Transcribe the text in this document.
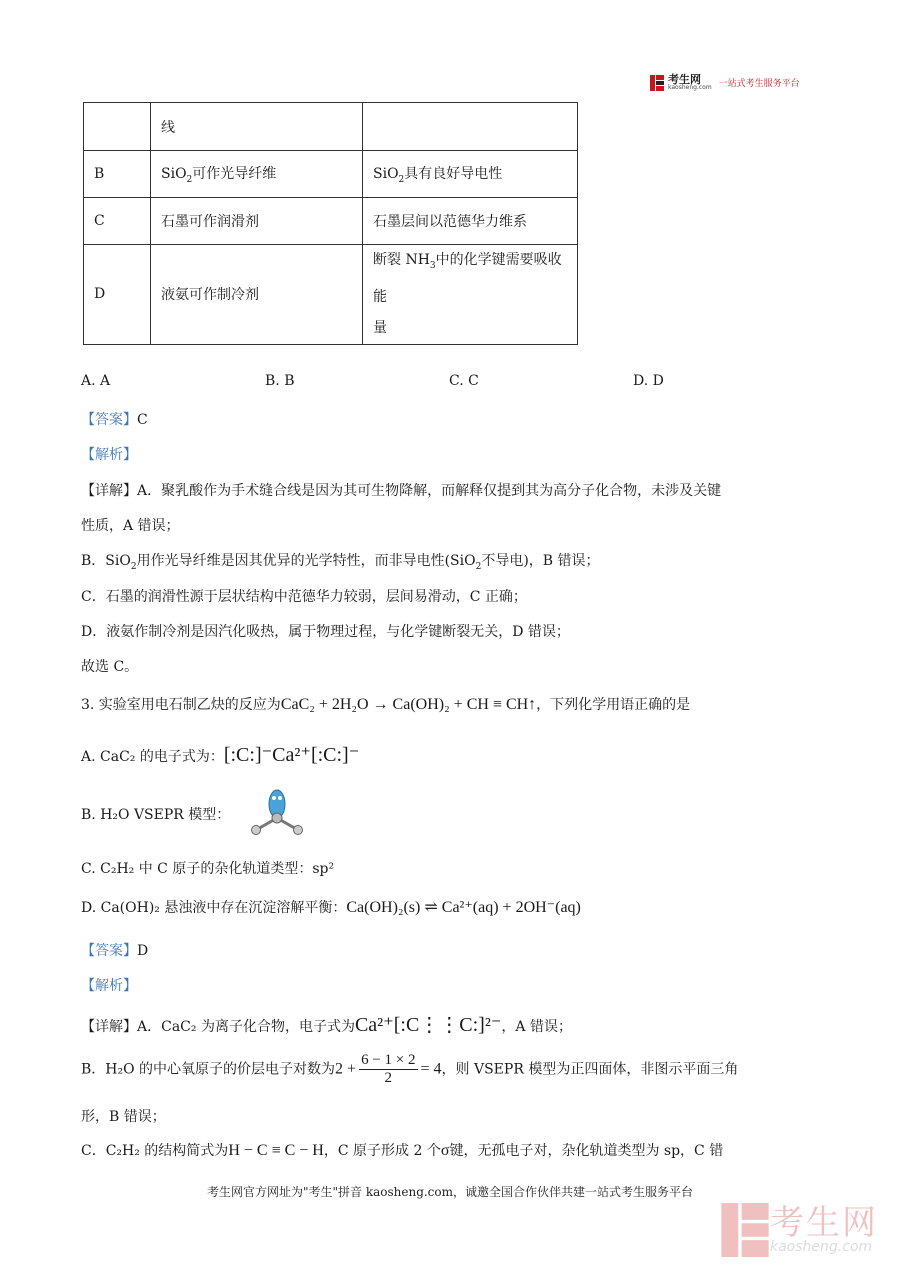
考生网
kaosheng.com 一站式考生服务平台
	线	
B	SiO$_2$可作光导纤维	SiO$_2$具有良好导电性
C	石墨可作润滑剂	石墨层间以范德华力维系
D	液氨可作制冷剂	断裂 $NH_3$中的化学键需要吸收能
量
A. A	B. B	C. C	D. D
【答案】C
【解析】
【详解】A．聚乳酸作为手术缝合线是因为其可生物降解，而解释仅提到其为高分子化合物，未涉及关键
性质，A 错误；
B．SiO$_2$用作光导纤维是因其优异的光学特性，而非导电性(SiO$_2$不导电)，B 错误；
C．石墨的润滑性源于层状结构中范德华力较弱，层间易滑动，C 正确；
D．液氨作制冷剂是因汽化吸热，属于物理过程，与化学键断裂无关，D 错误；
故选 C。
3. 实验室用电石制乙炔的反应为CaC₂ + 2H₂O → Ca(OH)₂ + CH ≡ CH↑，下列化学用语正确的是
A. CaC₂ 的电子式为：[:C:]⁻Ca²⁺[:C:]⁻
B. H₂O VSEPR 模型：
C. C₂H₂ 中 C 原子的杂化轨道类型：sp²
D. Ca(OH)₂ 悬浊液中存在沉淀溶解平衡：Ca(OH)₂(s) ⇌ Ca²⁺(aq) + 2OH⁻(aq)
【答案】D
【解析】
【详解】A．CaC₂ 为离子化合物，电子式为Ca²⁺[:C⋮⋮C:]²⁻，A 错误；
B．H₂O 的中心氧原子的价层电子对数为$2 + \frac{6 - 1 \times 2}{2} = 4$，则 VSEPR 模型为正四面体，非图示平面三角
形，B 错误；
C．C₂H₂ 的结构简式为H − C ≡ C − H，C 原子形成 2 个σ键，无孤电子对，杂化轨道类型为 sp，C 错
考生网官方网址为"考生"拼音 kaosheng.com，诚邀全国合作伙伴共建一站式考生服务平台
考生网
kaosheng.com
